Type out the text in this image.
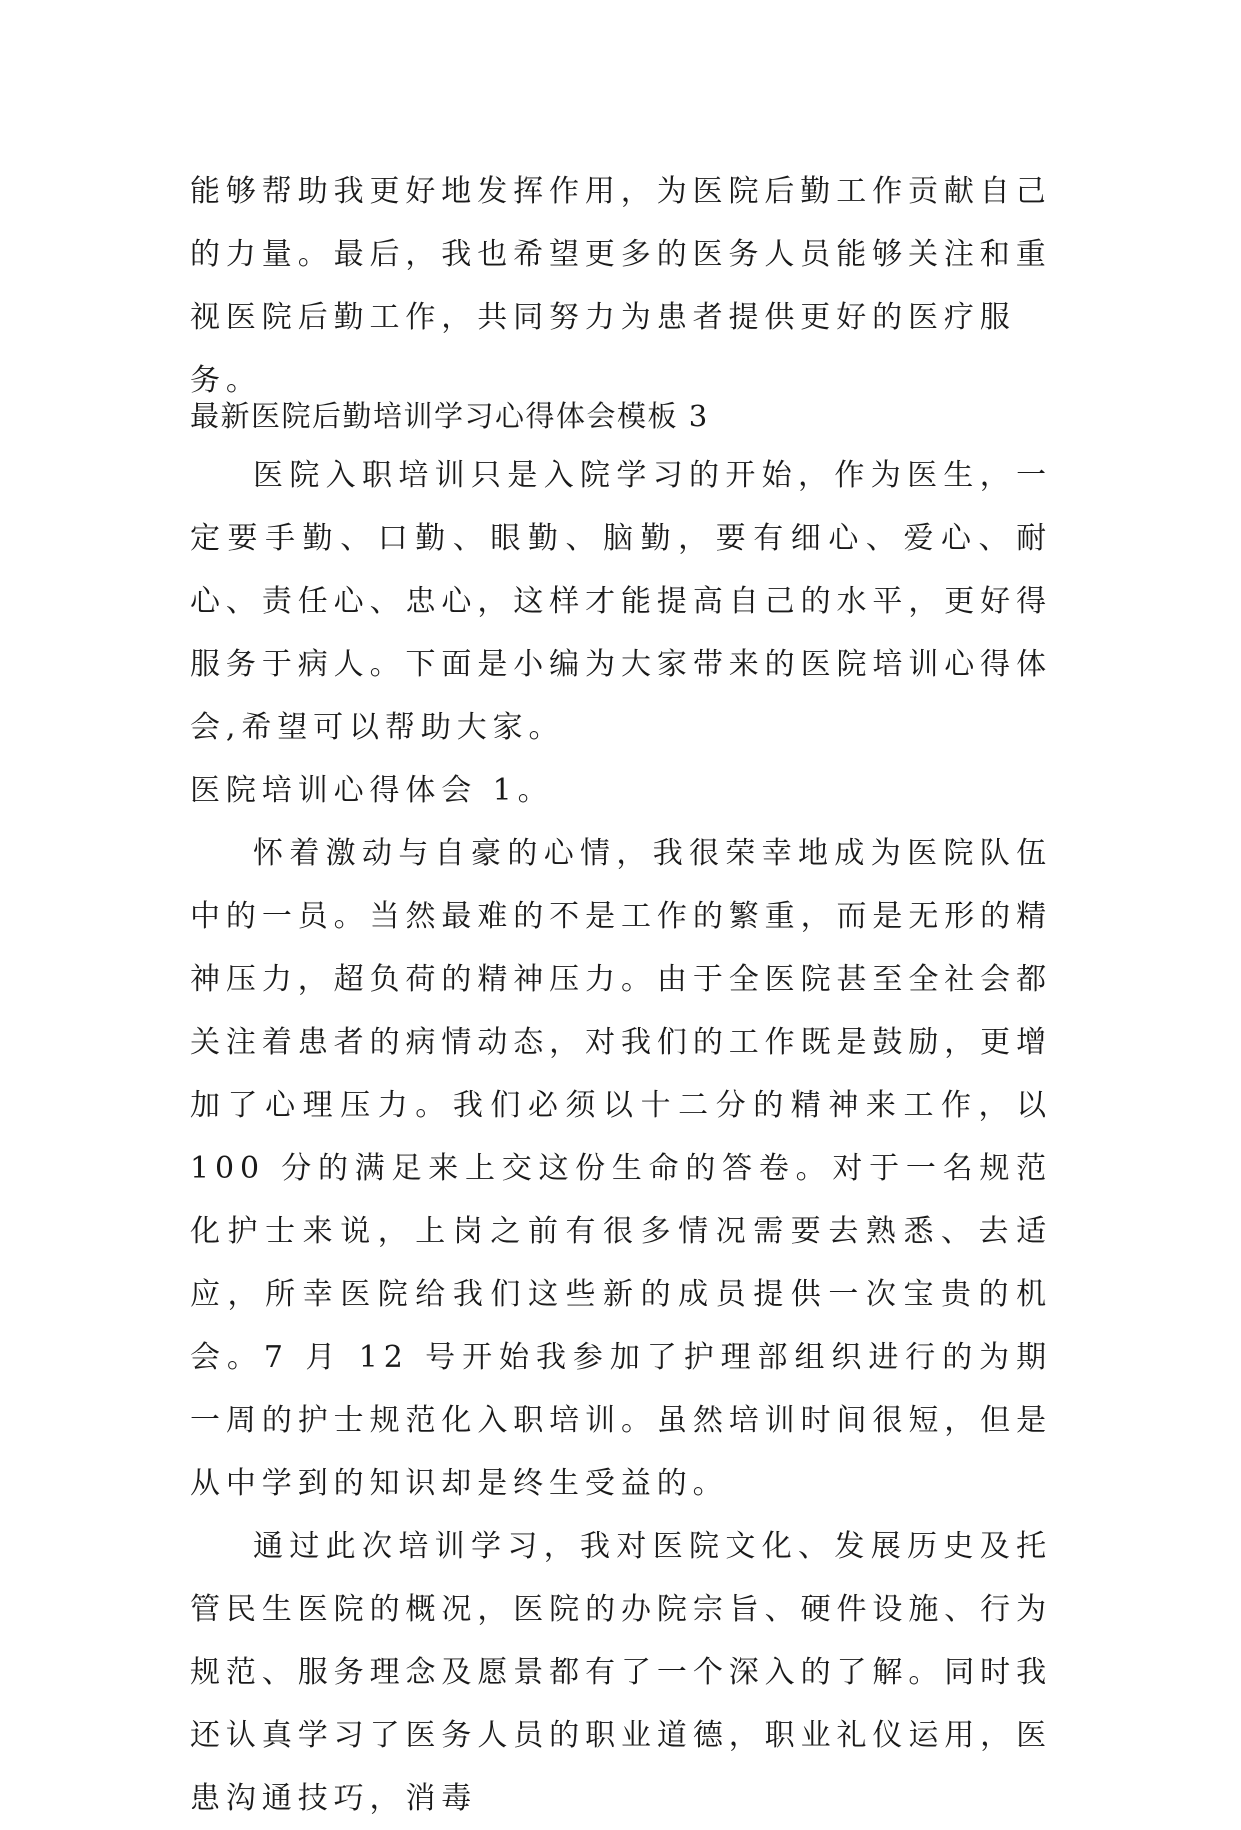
能够帮助我更好地发挥作用，为医院后勤工作贡献自己的力量。最后，我也希望更多的医务人员能够关注和重视医院后勤工作，共同努力为患者提供更好的医疗服务。
最新医院后勤培训学习心得体会模板 3

医院入职培训只是入院学习的开始，作为医生，一定要手勤、口勤、眼勤、脑勤，要有细心、爱心、耐心、责任心、忠心，这样才能提高自己的水平，更好得服务于病人。下面是小编为大家带来的医院培训心得体会,希望可以帮助大家。

医院培训心得体会 1。

怀着激动与自豪的心情，我很荣幸地成为医院队伍中的一员。当然最难的不是工作的繁重，而是无形的精神压力，超负荷的精神压力。由于全医院甚至全社会都关注着患者的病情动态，对我们的工作既是鼓励，更增加了心理压力。我们必须以十二分的精神来工作，以 100 分的满足来上交这份生命的答卷。对于一名规范化护士来说，上岗之前有很多情况需要去熟悉、去适应，所幸医院给我们这些新的成员提供一次宝贵的机会。7 月 12 号开始我参加了护理部组织进行的为期一周的护士规范化入职培训。虽然培训时间很短，但是从中学到的知识却是终生受益的。

通过此次培训学习，我对医院文化、发展历史及托管民生医院的概况，医院的办院宗旨、硬件设施、行为规范、服务理念及愿景都有了一个深入的了解。同时我还认真学习了医务人员的职业道德，职业礼仪运用，医患沟通技巧，消毒
